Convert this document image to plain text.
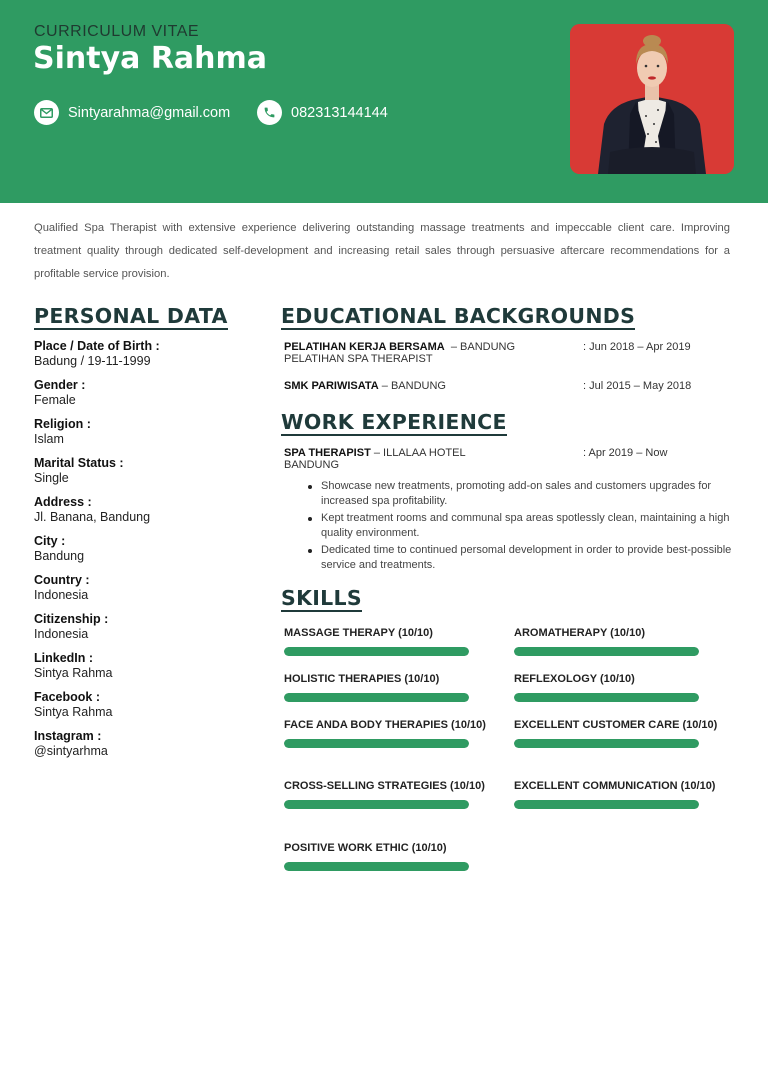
CURRICULUM VITAE
Sintya Rahma
Sintyarahma@gmail.com	082313144144
Qualified Spa Therapist with extensive experience delivering outstanding massage treatments and impeccable client care. Improving treatment quality through dedicated self-development and increasing retail sales through persuasive aftercare recommendations for a profitable service provision.
PERSONAL DATA
Place / Date of Birth :
Badung / 19-11-1999
Gender :
Female
Religion :
Islam
Marital Status :
Single
Address :
Jl. Banana, Bandung
City :
Bandung
Country :
Indonesia
Citizenship :
Indonesia
LinkedIn :
Sintya Rahma
Facebook :
Sintya Rahma
Instagram :
@sintyarhma
EDUCATIONAL BACKGROUNDS
PELATIHAN KERJA BERSAMA – BANDUNG
PELATIHAN SPA THERAPIST
: Jun 2018 – Apr 2019
SMK PARIWISATA – BANDUNG	: Jul 2015 – May 2018
WORK EXPERIENCE
SPA THERAPIST – ILLALAA HOTEL
BANDUNG
: Apr 2019 – Now
Showcase new treatments, promoting add-on sales and customers upgrades for increased spa profitability.
Kept treatment rooms and communal spa areas spotlessly clean, maintaining a high quality environment.
Dedicated time to continued persomal development in order to provide best-possible service and treatments.
SKILLS
MASSAGE THERAPY (10/10)	AROMATHERAPY (10/10)
HOLISTIC THERAPIES (10/10)	REFLEXOLOGY (10/10)
FACE ANDA BODY THERAPIES (10/10)	EXCELLENT CUSTOMER CARE (10/10)
CROSS-SELLING STRATEGIES (10/10)	EXCELLENT COMMUNICATION (10/10)
POSITIVE WORK ETHIC (10/10)
